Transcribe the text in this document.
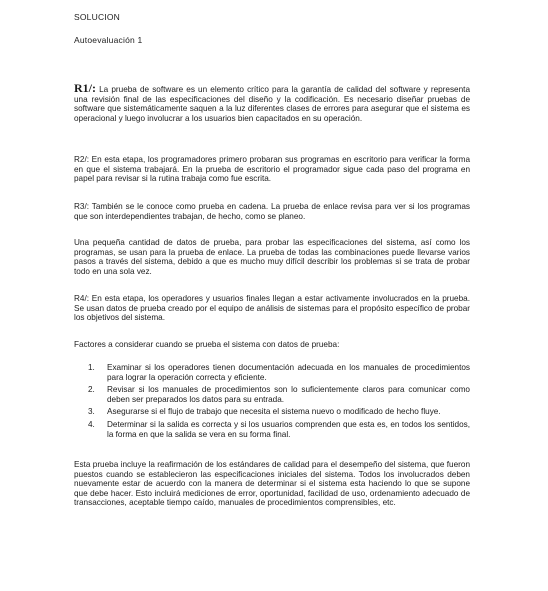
SOLUCION
Autoevaluación 1
R1/: La prueba de software es un elemento crítico para la garantía de calidad del software y representa una revisión final de las especificaciones del diseño y la codificación. Es necesario diseñar pruebas de software que sistemáticamente saquen a la luz diferentes clases de errores para asegurar que el sistema es operacional y luego involucrar a los usuarios bien capacitados en su operación.
R2/: En esta etapa, los programadores primero probaran sus programas en escritorio para verificar la forma en que el sistema trabajará. En la prueba de escritorio el programador sigue cada paso del programa en papel para revisar si la rutina trabaja como fue escrita.
R3/: También se le conoce como prueba en cadena. La prueba de enlace revisa para ver si los programas que son interdependientes trabajan, de hecho, como se planeo.
Una pequeña cantidad de datos de prueba, para probar las especificaciones del sistema, así como los programas, se usan para la prueba de enlace. La prueba de todas las combinaciones puede llevarse varios pasos a través del sistema, debido a que es mucho muy difícil describir los problemas si se trata de probar todo en una sola vez.
R4/: En esta etapa, los operadores y usuarios finales llegan a estar activamente involucrados en la prueba. Se usan datos de prueba creado por el equipo de análisis de sistemas para el propósito específico de probar los objetivos del sistema.
Factores a considerar cuando se prueba el sistema con datos de prueba:
1. Examinar si los operadores tienen documentación adecuada en los manuales de procedimientos para lograr la operación correcta y eficiente.
2. Revisar si los manuales de procedimientos son lo suficientemente claros para comunicar como deben ser preparados los datos para su entrada.
3. Asegurarse si el flujo de trabajo que necesita el sistema nuevo o modificado de hecho fluye.
4. Determinar si la salida es correcta y si los usuarios comprenden que esta es, en todos los sentidos, la forma en que la salida se vera en su forma final.
Esta prueba incluye la reafirmación de los estándares de calidad para el desempeño del sistema, que fueron puestos cuando se establecieron las especificaciones iniciales del sistema. Todos los involucrados deben nuevamente estar de acuerdo con la manera de determinar si el sistema esta haciendo lo que se supone que debe hacer. Esto incluirá mediciones de error, oportunidad, facilidad de uso, ordenamiento adecuado de transacciones, aceptable tiempo caído, manuales de procedimientos comprensibles, etc.
